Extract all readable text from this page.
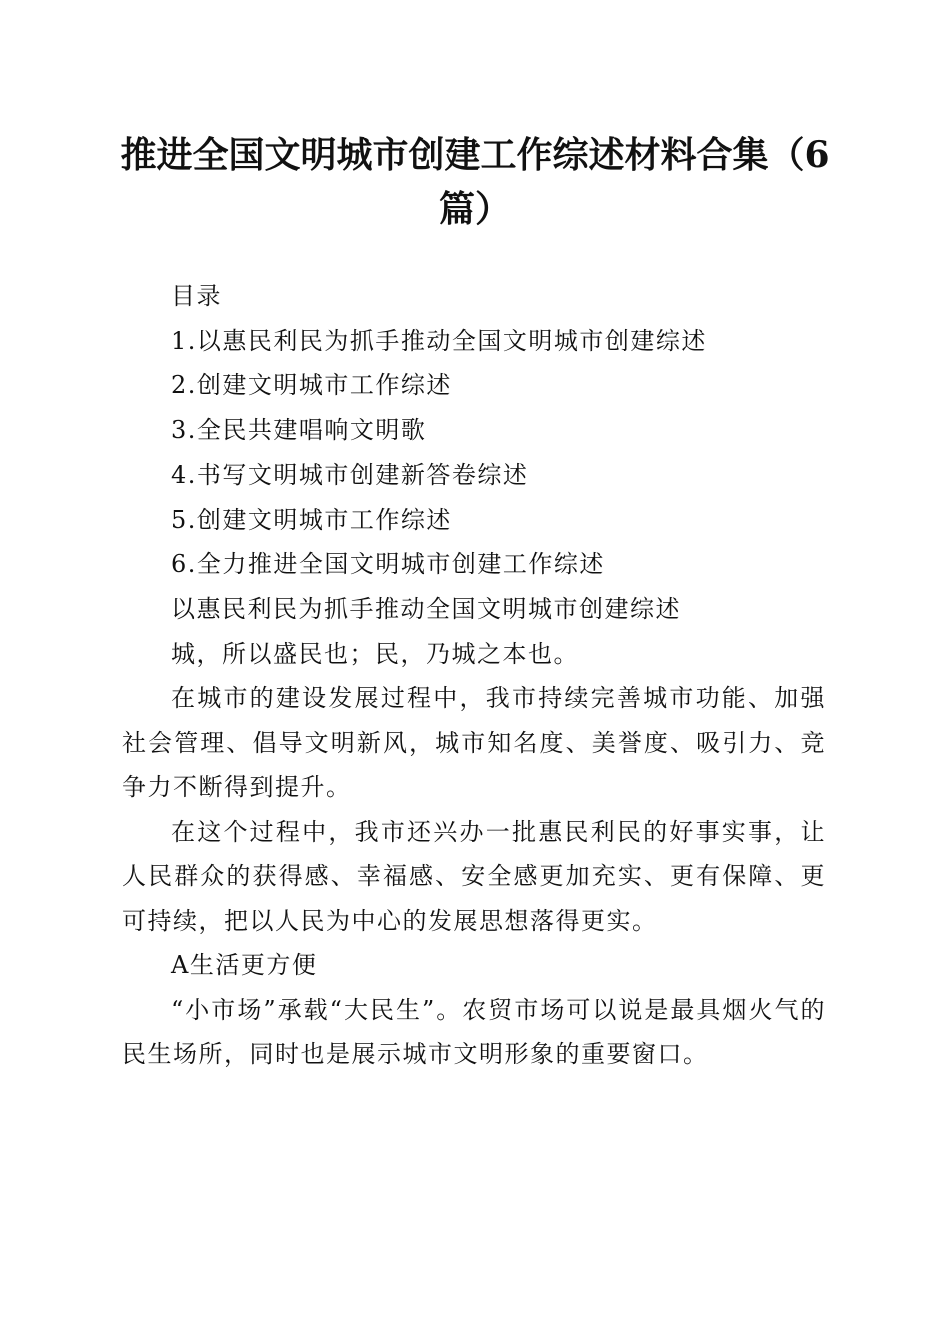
推进全国文明城市创建工作综述材料合集（6篇）

目录

1.以惠民利民为抓手推动全国文明城市创建综述

2.创建文明城市工作综述

3.全民共建唱响文明歌

4.书写文明城市创建新答卷综述

5.创建文明城市工作综述

6.全力推进全国文明城市创建工作综述

以惠民利民为抓手推动全国文明城市创建综述

城，所以盛民也；民，乃城之本也。

在城市的建设发展过程中，我市持续完善城市功能、加强社会管理、倡导文明新风，城市知名度、美誉度、吸引力、竞争力不断得到提升。

在这个过程中，我市还兴办一批惠民利民的好事实事，让人民群众的获得感、幸福感、安全感更加充实、更有保障、更可持续，把以人民为中心的发展思想落得更实。

A生活更方便

“小市场”承载“大民生”。农贸市场可以说是最具烟火气的民生场所，同时也是展示城市文明形象的重要窗口。
